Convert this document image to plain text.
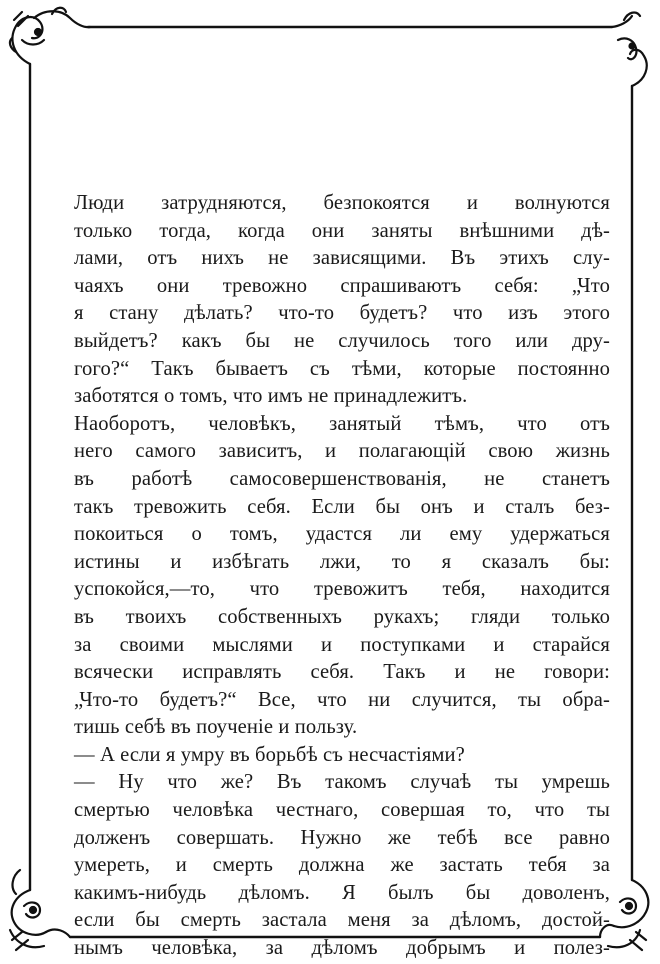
Люди затрудняются, безпокоятся и волнуются
только тогда, когда они заняты внѣшними дѣ-
лами, отъ нихъ не зависящими. Въ этихъ слу-
чаяхъ они тревожно спрашиваютъ себя: „Что
я стану дѣлать? что-то будетъ? что изъ этого
выйдетъ? какъ бы не случилось того или дру-
гого?“ Такъ бываетъ съ тѣми, которые постоянно
заботятся о томъ, что имъ не принадлежитъ.
Наоборотъ, человѣкъ, занятый тѣмъ, что отъ
него самого зависитъ, и полагающій свою жизнь
въ работѣ самосовершенствованія, не станетъ
такъ тревожить себя. Если бы онъ и сталъ без-
покоиться о томъ, удастся ли ему удержаться
истины и избѣгать лжи, то я сказалъ бы:
успокойся,—то, что тревожитъ тебя, находится
въ твоихъ собственныхъ рукахъ; гляди только
за своими мыслями и поступками и старайся
всячески исправлять себя. Такъ и не говори:
„Что-то будетъ?“ Все, что ни случится, ты обра-
тишь себѣ въ поученіе и пользу.
— А если я умру въ борьбѣ съ несчастіями?
— Ну что же? Въ такомъ случаѣ ты умрешь
смертью человѣка честнаго, совершая то, что ты
долженъ совершать. Нужно же тебѣ все равно
умереть, и смерть должна же застать тебя за
какимъ-нибудь дѣломъ. Я былъ бы доволенъ,
если бы смерть застала меня за дѣломъ, достой-
нымъ человѣка, за дѣломъ добрымъ и полез-
